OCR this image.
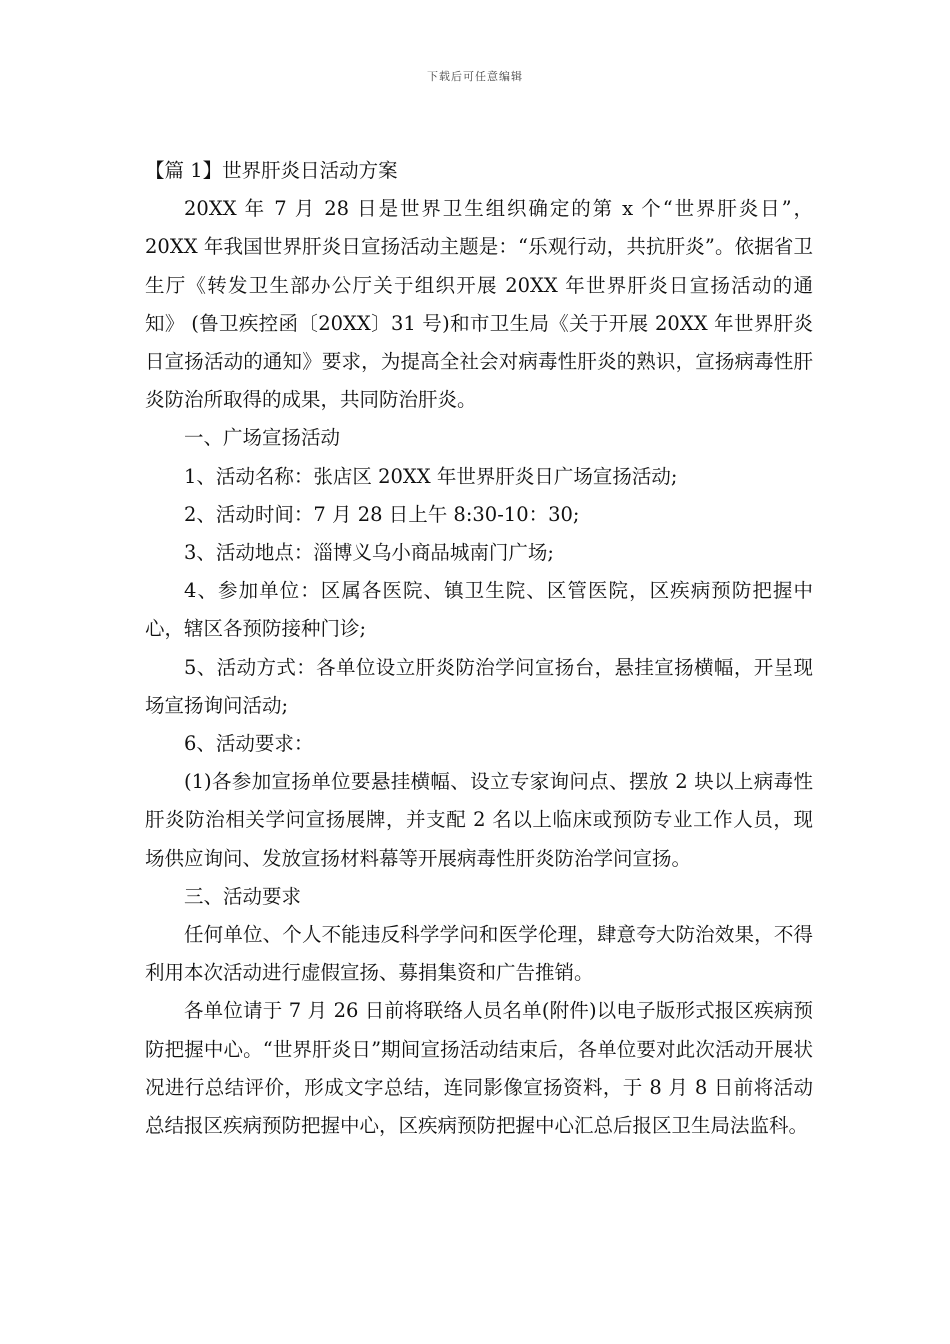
下载后可任意编辑
【篇 1】世界肝炎日活动方案

20XX 年 7 月 28 日是世界卫生组织确定的第 x 个“世界肝炎日”， 20XX 年我国世界肝炎日宣扬活动主题是：“乐观行动，共抗肝炎”。依据省卫生厅《转发卫生部办公厅关于组织开展 20XX 年世界肝炎日宣扬活动的通知》 (鲁卫疾控函〔20XX〕31 号)和市卫生局《关于开展 20XX 年世界肝炎日宣扬活动的通知》要求，为提高全社会对病毒性肝炎的熟识，宣扬病毒性肝炎防治所取得的成果，共同防治肝炎。

一、广场宣扬活动

1、活动名称：张店区 20XX 年世界肝炎日广场宣扬活动;

2、活动时间：7 月 28 日上午 8:30-10：30;

3、活动地点：淄博义乌小商品城南门广场;

4、参加单位：区属各医院、镇卫生院、区管医院，区疾病预防把握中心，辖区各预防接种门诊;

5、活动方式：各单位设立肝炎防治学问宣扬台，悬挂宣扬横幅，开呈现场宣扬询问活动;

6、活动要求：

(1)各参加宣扬单位要悬挂横幅、设立专家询问点、摆放 2 块以上病毒性肝炎防治相关学问宣扬展牌，并支配 2 名以上临床或预防专业工作人员，现场供应询问、发放宣扬材料幕等开展病毒性肝炎防治学问宣扬。

三、活动要求

任何单位、个人不能违反科学学问和医学伦理，肆意夸大防治效果，不得利用本次活动进行虚假宣扬、募捐集资和广告推销。

各单位请于 7 月 26 日前将联络人员名单(附件)以电子版形式报区疾病预防把握中心。“世界肝炎日”期间宣扬活动结束后，各单位要对此次活动开展状况进行总结评价，形成文字总结，连同影像宣扬资料，于 8 月 8 日前将活动总结报区疾病预防把握中心，区疾病预防把握中心汇总后报区卫生局法监科。
